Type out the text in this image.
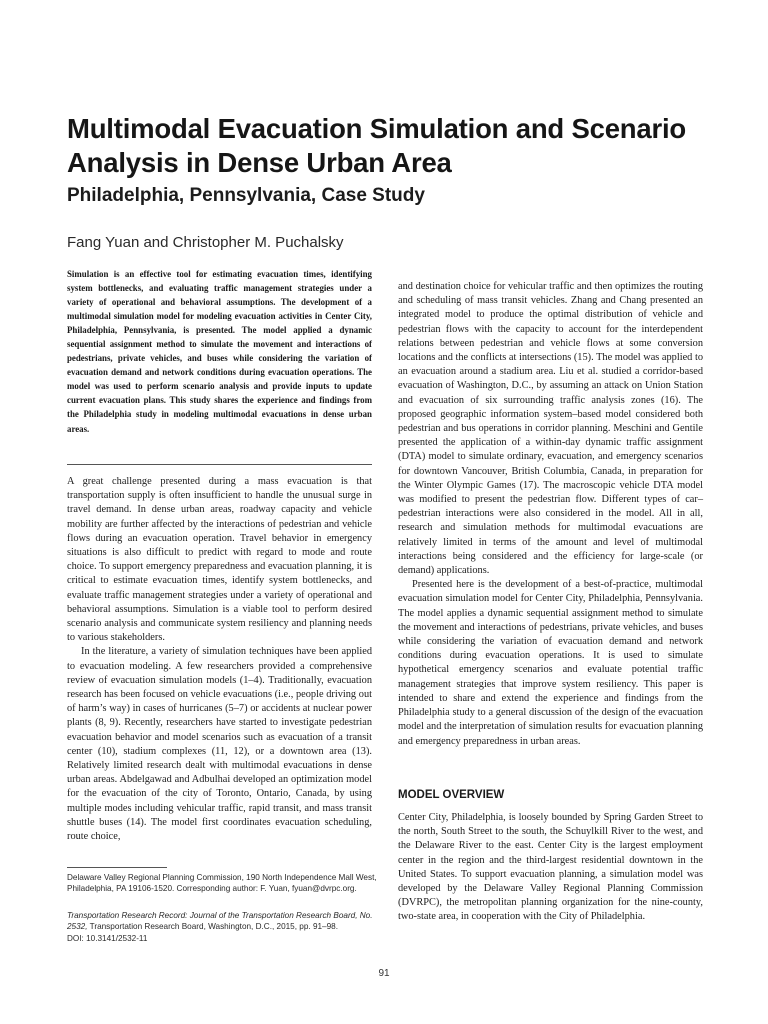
Multimodal Evacuation Simulation and Scenario Analysis in Dense Urban Area
Philadelphia, Pennsylvania, Case Study

Fang Yuan and Christopher M. Puchalsky

Simulation is an effective tool for estimating evacuation times, identifying system bottlenecks, and evaluating traffic management strategies under a variety of operational and behavioral assumptions. The development of a multimodal simulation model for modeling evacuation activities in Center City, Philadelphia, Pennsylvania, is presented. The model applied a dynamic sequential assignment method to simulate the movement and interactions of pedestrians, private vehicles, and buses while considering the variation of evacuation demand and network conditions during evacuation operations. The model was used to perform scenario analysis and provide inputs to update current evacuation plans. This study shares the experience and findings from the Philadelphia study in modeling multimodal evacuations in dense urban areas.

A great challenge presented during a mass evacuation is that transportation supply is often insufficient to handle the unusual surge in travel demand. In dense urban areas, roadway capacity and vehicle mobility are further affected by the interactions of pedestrian and vehicle flows during an evacuation operation. Travel behavior in emergency situations is also difficult to predict with regard to mode and route choice. To support emergency preparedness and evacuation planning, it is critical to estimate evacuation times, identify system bottlenecks, and evaluate traffic management strategies under a variety of operational and behavioral assumptions. Simulation is a viable tool to perform desired scenario analysis and communicate system resiliency and planning needs to various stakeholders.

In the literature, a variety of simulation techniques have been applied to evacuation modeling. A few researchers provided a comprehensive review of evacuation simulation models (1–4). Traditionally, evacuation research has been focused on vehicle evacuations (i.e., people driving out of harm’s way) in cases of hurricanes (5–7) or accidents at nuclear power plants (8, 9). Recently, researchers have started to investigate pedestrian evacuation behavior and model scenarios such as evacuation of a transit center (10), stadium complexes (11, 12), or a downtown area (13). Relatively limited research dealt with multimodal evacuations in dense urban areas. Abdelgawad and Adbulhai developed an optimization model for the evacuation of the city of Toronto, Ontario, Canada, by using multiple modes including vehicular traffic, rapid transit, and mass transit shuttle buses (14). The model first coordinates evacuation scheduling, route choice,

and destination choice for vehicular traffic and then optimizes the routing and scheduling of mass transit vehicles. Zhang and Chang presented an integrated model to produce the optimal distribution of vehicle and pedestrian flows with the capacity to account for the interdependent relations between pedestrian and vehicle flows at some conversion locations and the conflicts at intersections (15). The model was applied to an evacuation around a stadium area. Liu et al. studied a corridor-based evacuation of Washington, D.C., by assuming an attack on Union Station and evacuation of six surrounding traffic analysis zones (16). The proposed geographic information system–based model considered both pedestrian and bus operations in corridor planning. Meschini and Gentile presented the application of a within-day dynamic traffic assignment (DTA) model to simulate ordinary, evacuation, and emergency scenarios for downtown Vancouver, British Columbia, Canada, in preparation for the Winter Olympic Games (17). The macroscopic vehicle DTA model was modified to present the pedestrian flow. Different types of car–pedestrian interactions were also considered in the model. All in all, research and simulation methods for multimodal evacuations are relatively limited in terms of the amount and level of multimodal interactions being considered and the efficiency for large-scale (or demand) applications.

Presented here is the development of a best-of-practice, multimodal evacuation simulation model for Center City, Philadelphia, Pennsylvania. The model applies a dynamic sequential assignment method to simulate the movement and interactions of pedestrians, private vehicles, and buses while considering the variation of evacuation demand and network conditions during evacuation operations. It is used to simulate hypothetical emergency scenarios and evaluate potential traffic management strategies that improve system resiliency. This paper is intended to share and extend the experience and findings from the Philadelphia study to a general discussion of the design of the evacuation model and the interpretation of simulation results for evacuation planning and emergency preparedness in urban areas.

MODEL OVERVIEW

Center City, Philadelphia, is loosely bounded by Spring Garden Street to the north, South Street to the south, the Schuylkill River to the west, and the Delaware River to the east. Center City is the largest employment center in the region and the third-largest residential downtown in the United States. To support evacuation planning, a simulation model was developed by the Delaware Valley Regional Planning Commission (DVRPC), the metropolitan planning organization for the nine-county, two-state area, in cooperation with the City of Philadelphia.

Delaware Valley Regional Planning Commission, 190 North Independence Mall West, Philadelphia, PA 19106-1520. Corresponding author: F. Yuan, fyuan@dvrpc.org.

Transportation Research Record: Journal of the Transportation Research Board, No. 2532, Transportation Research Board, Washington, D.C., 2015, pp. 91–98.
DOI: 10.3141/2532-11

91
